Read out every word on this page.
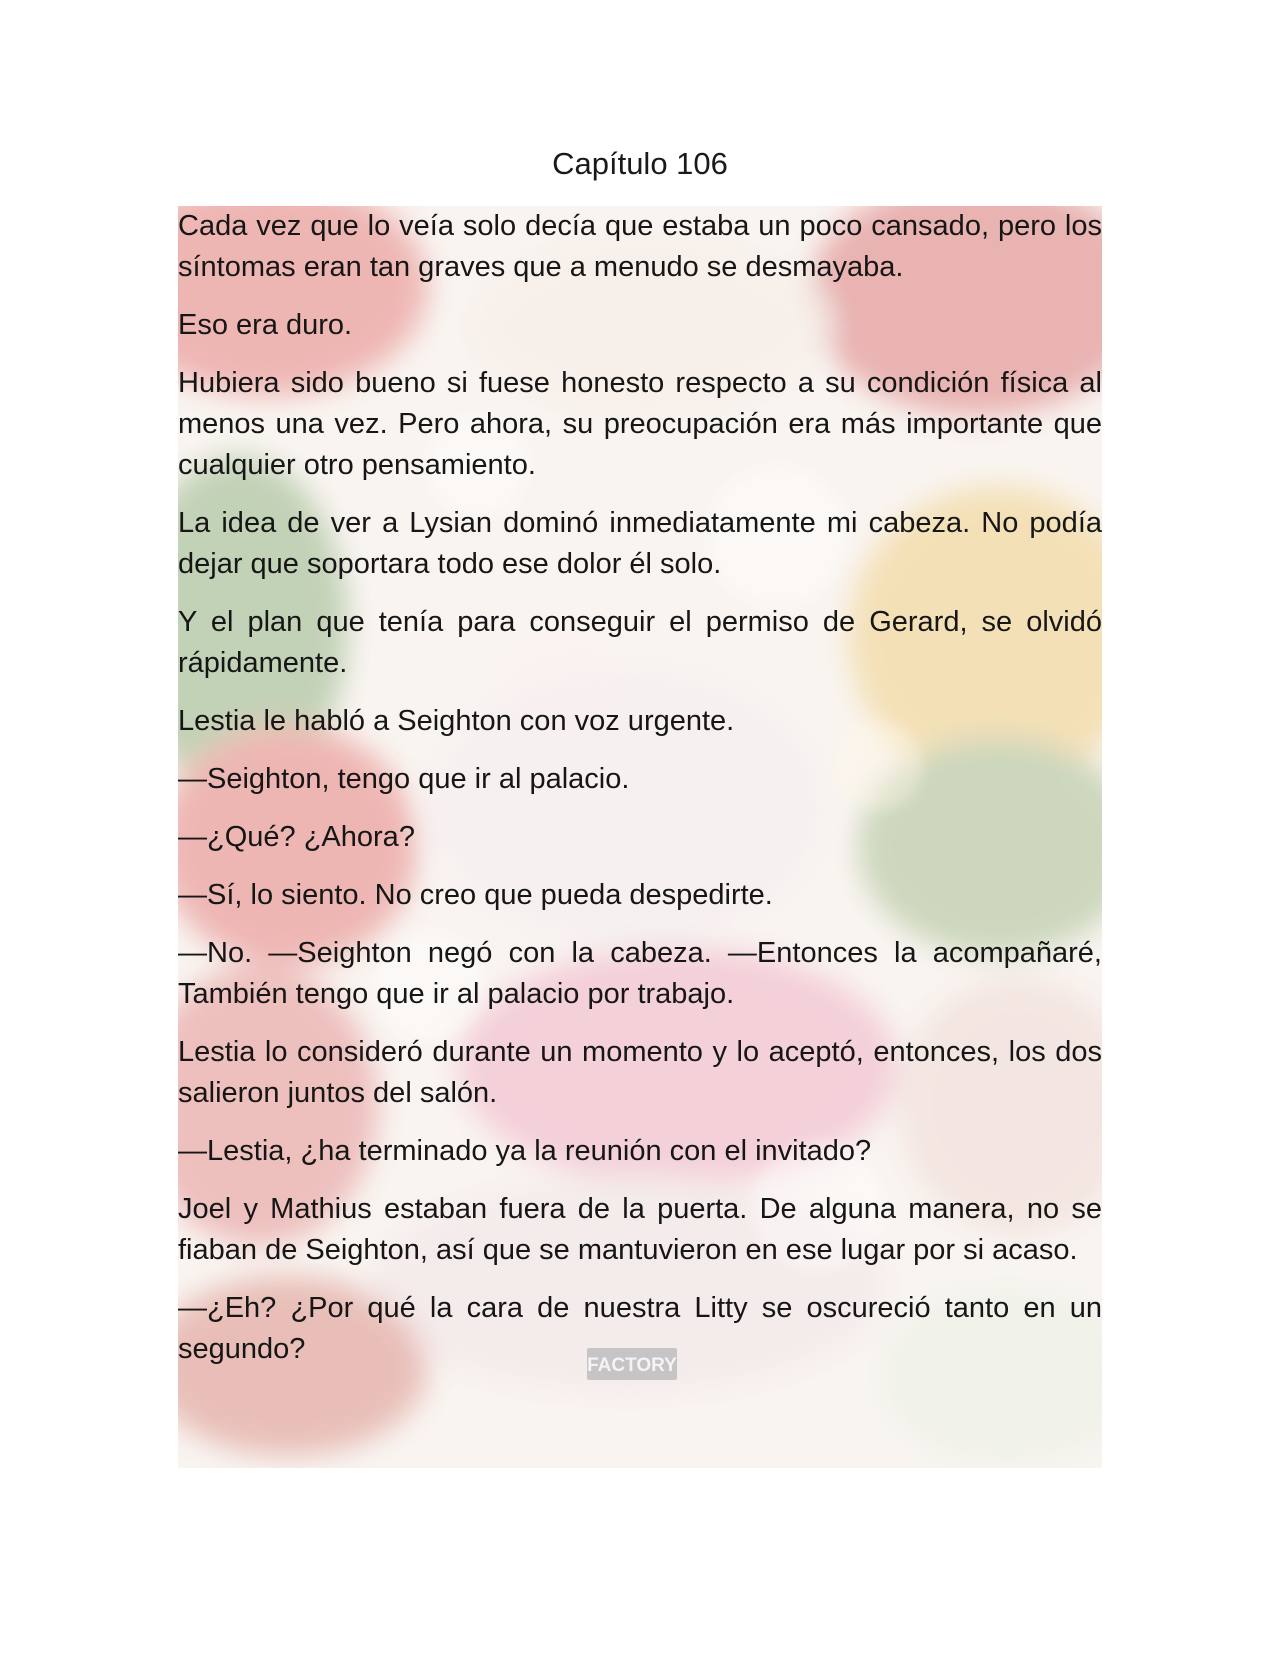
Capítulo 106
FACTORY

Cada vez que lo veía solo decía que estaba un poco cansado, pero los síntomas eran tan graves que a menudo se desmayaba.

Eso era duro.

Hubiera sido bueno si fuese honesto respecto a su condición física al menos una vez. Pero ahora, su preocupación era más importante que cualquier otro pensamiento.

La idea de ver a Lysian dominó inmediatamente mi cabeza. No podía dejar que soportara todo ese dolor él solo.

Y el plan que tenía para conseguir el permiso de Gerard, se olvidó rápidamente.

Lestia le habló a Seighton con voz urgente.

—Seighton, tengo que ir al palacio.

—¿Qué? ¿Ahora?

—Sí, lo siento. No creo que pueda despedirte.

—No. —Seighton negó con la cabeza. —Entonces la acompañaré, También tengo que ir al palacio por trabajo.

Lestia lo consideró durante un momento y lo aceptó, entonces, los dos salieron juntos del salón.

—Lestia, ¿ha terminado ya la reunión con el invitado?

Joel y Mathius estaban fuera de la puerta. De alguna manera, no se fiaban de Seighton, así que se mantuvieron en ese lugar por si acaso.

—¿Eh? ¿Por qué la cara de nuestra Litty se oscureció tanto en un segundo?
